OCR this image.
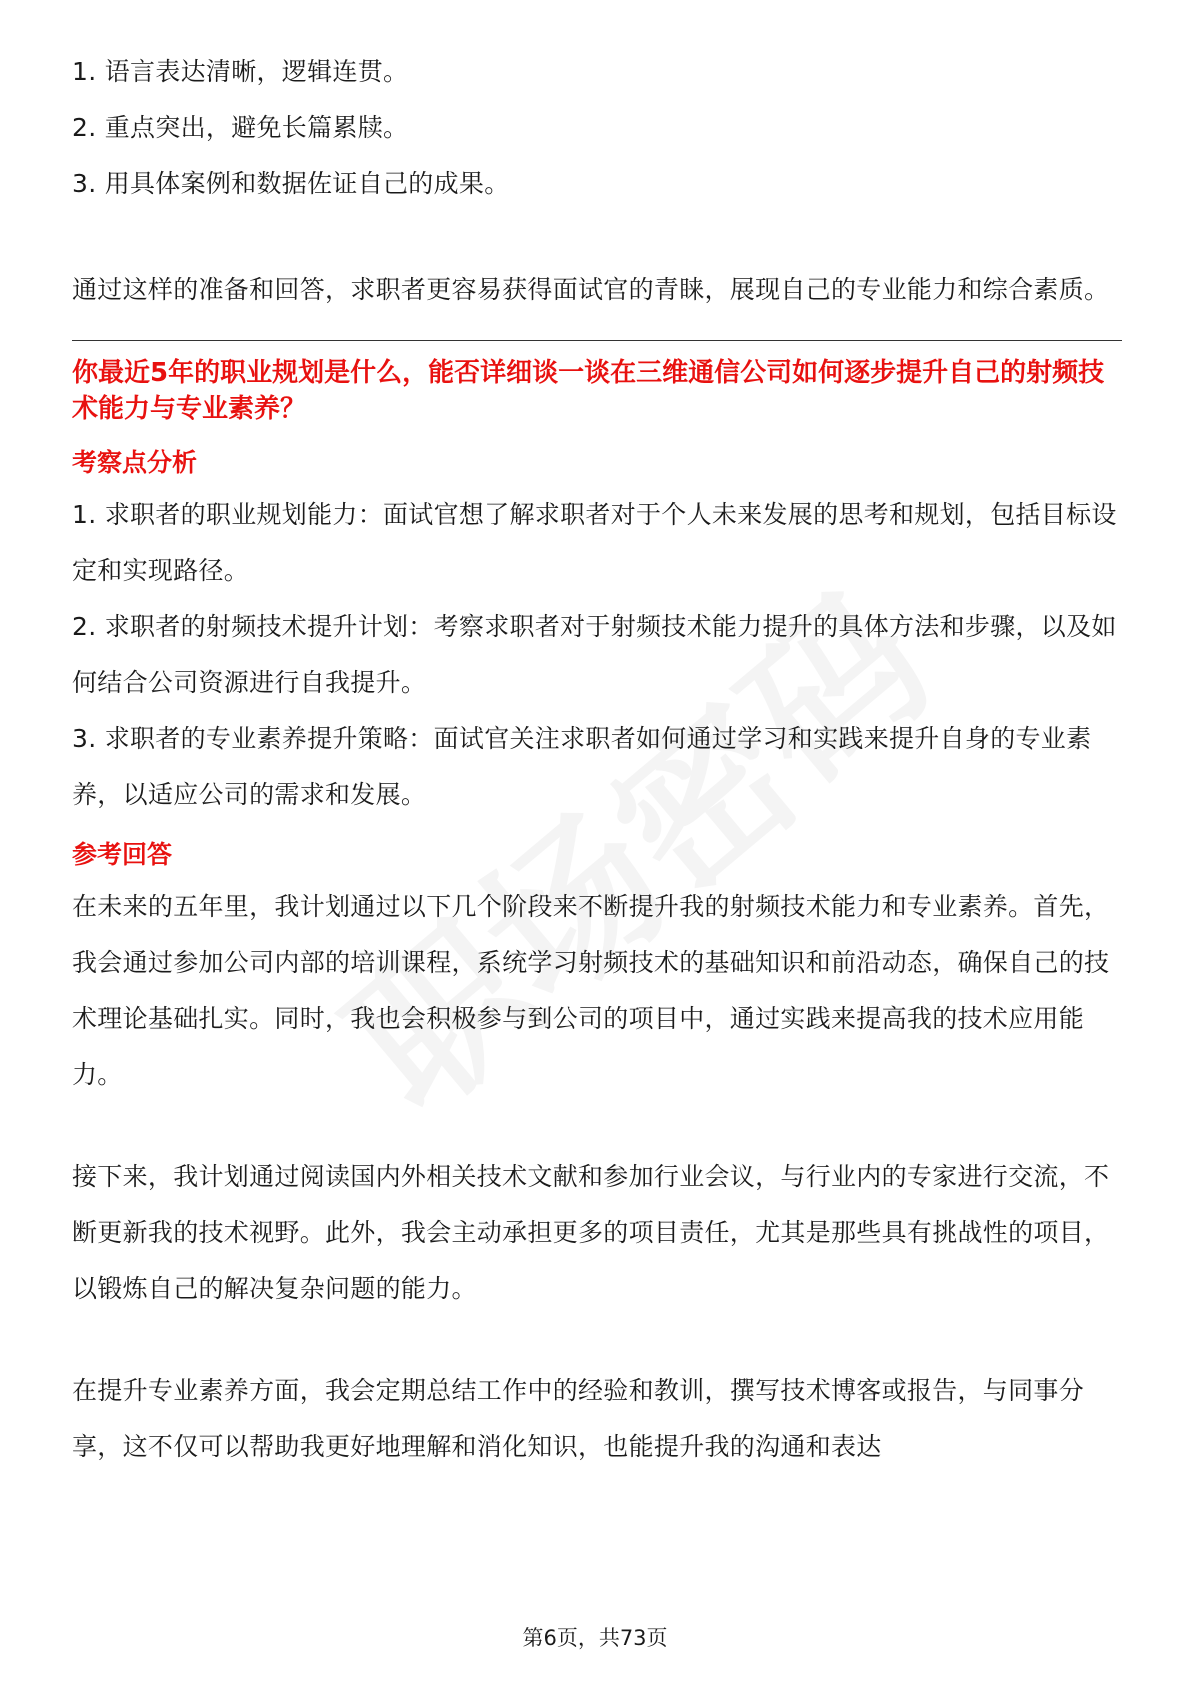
1. 语言表达清晰，逻辑连贯。

2. 重点突出，避免长篇累牍。

3. 用具体案例和数据佐证自己的成果。

通过这样的准备和回答，求职者更容易获得面试官的青睐，展现自己的专业能力和综合素质。

你最近5年的职业规划是什么，能否详细谈一谈在三维通信公司如何逐步提升自己的射频技术能力与专业素养？

考察点分析

1. 求职者的职业规划能力：面试官想了解求职者对于个人未来发展的思考和规划，包括目标设定和实现路径。

2. 求职者的射频技术提升计划：考察求职者对于射频技术能力提升的具体方法和步骤，以及如何结合公司资源进行自我提升。

3. 求职者的专业素养提升策略：面试官关注求职者如何通过学习和实践来提升自身的专业素养，以适应公司的需求和发展。

参考回答

在未来的五年里，我计划通过以下几个阶段来不断提升我的射频技术能力和专业素养。首先，我会通过参加公司内部的培训课程，系统学习射频技术的基础知识和前沿动态，确保自己的技术理论基础扎实。同时，我也会积极参与到公司的项目中，通过实践来提高我的技术应用能力。

接下来，我计划通过阅读国内外相关技术文献和参加行业会议，与行业内的专家进行交流，不断更新我的技术视野。此外，我会主动承担更多的项目责任，尤其是那些具有挑战性的项目，以锻炼自己的解决复杂问题的能力。

在提升专业素养方面，我会定期总结工作中的经验和教训，撰写技术博客或报告，与同事分享，这不仅可以帮助我更好地理解和消化知识，也能提升我的沟通和表达

第6页，共73页
